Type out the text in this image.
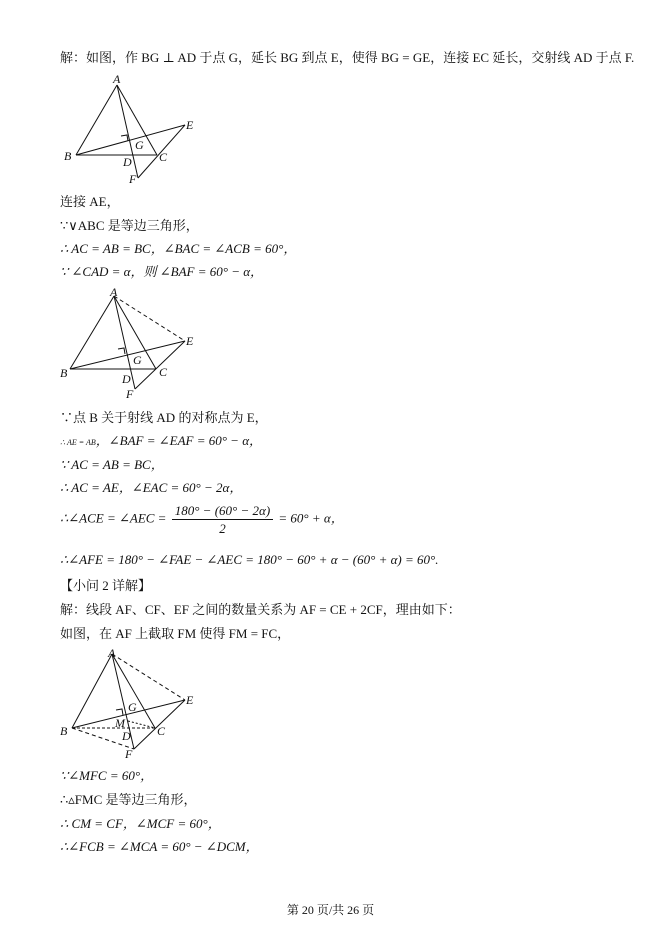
解：如图，作 BG ⊥ AD 于点 G，延长 BG 到点 E，使得 BG = GE，连接 EC 延长，交射线 AD 于点 F.
A
B	C
D
E
F
G
连接 AE，
∵∨ABC 是等边三角形，
∴ AC = AB = BC，∠BAC = ∠ACB = 60°，
∵ ∠CAD = α，则 ∠BAF = 60° − α，
A
B	C
D
E
F
G
∵点 B 关于射线 AD 的对称点为 E，
∴ AE = AB，∠BAF = ∠EAF = 60° − α，
∵ AC = AB = BC，
∴ AC = AE，∠EAC = 60° − 2α，
∴∠ACE = ∠AEC = $\frac{180^\circ - (60^\circ - 2\alpha)}{2} = 60^\circ + \alpha$，
∴∠AFE = 180° − ∠FAE − ∠AEC = 180° − 60° + α − (60° + α) = 60°.
【小问 2 详解】
解：线段 AF、CF、EF 之间的数量关系为 AF = CE + 2CF，理由如下：
如图，在 AF 上截取 FM 使得 FM = FC，
A
B	C
D
E
F
G
M
∵∠MFC = 60°，
∴▵FMC 是等边三角形，
∴ CM = CF，∠MCF = 60°，
∴∠FCB = ∠MCA = 60° − ∠DCM，
第 20 页/共 26 页
